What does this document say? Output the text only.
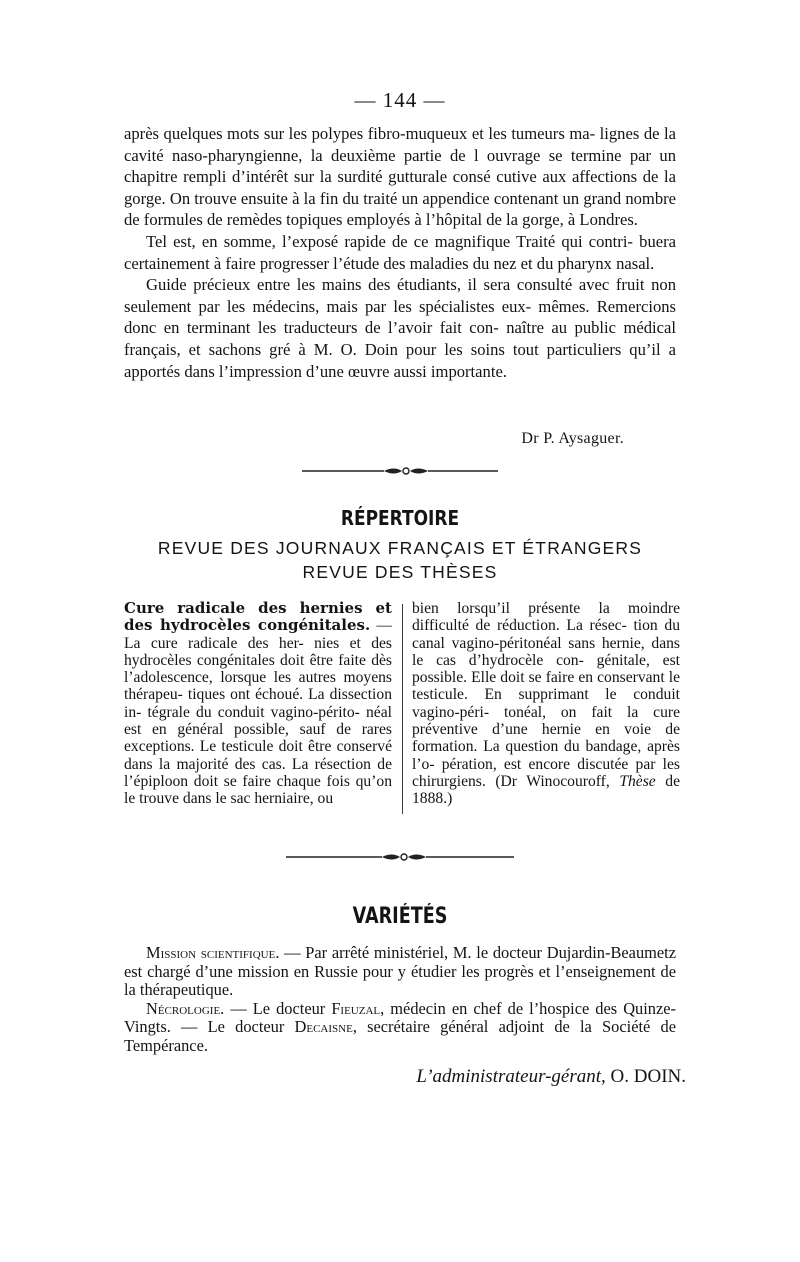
— 144 —

après quelques mots sur les polypes fibro-muqueux et les tumeurs ma- lignes de la cavité naso-pharyngienne, la deuxième partie de l ouvrage se termine par un chapitre rempli d’intérêt sur la surdité gutturale consé cutive aux affections de la gorge. On trouve ensuite à la fin du traité un appendice contenant un grand nombre de formules de remèdes topiques employés à l’hôpital de la gorge, à Londres.

Tel est, en somme, l’exposé rapide de ce magnifique Traité qui contri- buera certainement à faire progresser l’étude des maladies du nez et du pharynx nasal.

Guide précieux entre les mains des étudiants, il sera consulté avec fruit non seulement par les médecins, mais par les spécialistes eux- mêmes. Remercions donc en terminant les traducteurs de l’avoir fait con- naître au public médical français, et sachons gré à M. O. Doin pour les soins tout particuliers qu’il a apportés dans l’impression d’une œuvre aussi importante.

Dr P. Aysaguer.
RÉPERTOIRE
REVUE DES JOURNAUX FRANÇAIS ET ÉTRANGERS
REVUE DES THÈSES

Cure radicale des hernies et des hydrocèles congénitales. — La cure radicale des her- nies et des hydrocèles congénitales doit être faite dès l’adolescence, lorsque les autres moyens thérapeu- tiques ont échoué. La dissection in- tégrale du conduit vagino-périto- néal est en général possible, sauf de rares exceptions. Le testicule doit être conservé dans la majorité des cas. La résection de l’épiploon doit se faire chaque fois qu’on le trouve dans le sac herniaire, ou

bien lorsqu’il présente la moindre difficulté de réduction. La résec- tion du canal vagino-péritonéal sans hernie, dans le cas d’hydrocèle con- génitale, est possible. Elle doit se faire en conservant le testicule. En supprimant le conduit vagino-péri- tonéal, on fait la cure préventive d’une hernie en voie de formation. La question du bandage, après l’o- pération, est encore discutée par les chirurgiens. (Dr Winocouroff, Thèse de 1888.)

VARIÉTÉS

Mission scientifique. — Par arrêté ministériel, M. le docteur Dujardin-Beaumetz est chargé d’une mission en Russie pour y étudier les progrès et l’enseignement de la thérapeutique.

Nécrologie. — Le docteur Fieuzal, médecin en chef de l’hospice des Quinze-Vingts. — Le docteur Decaisne, secrétaire général adjoint de la Société de Tempérance.

L’administrateur-gérant, O. DOIN.
